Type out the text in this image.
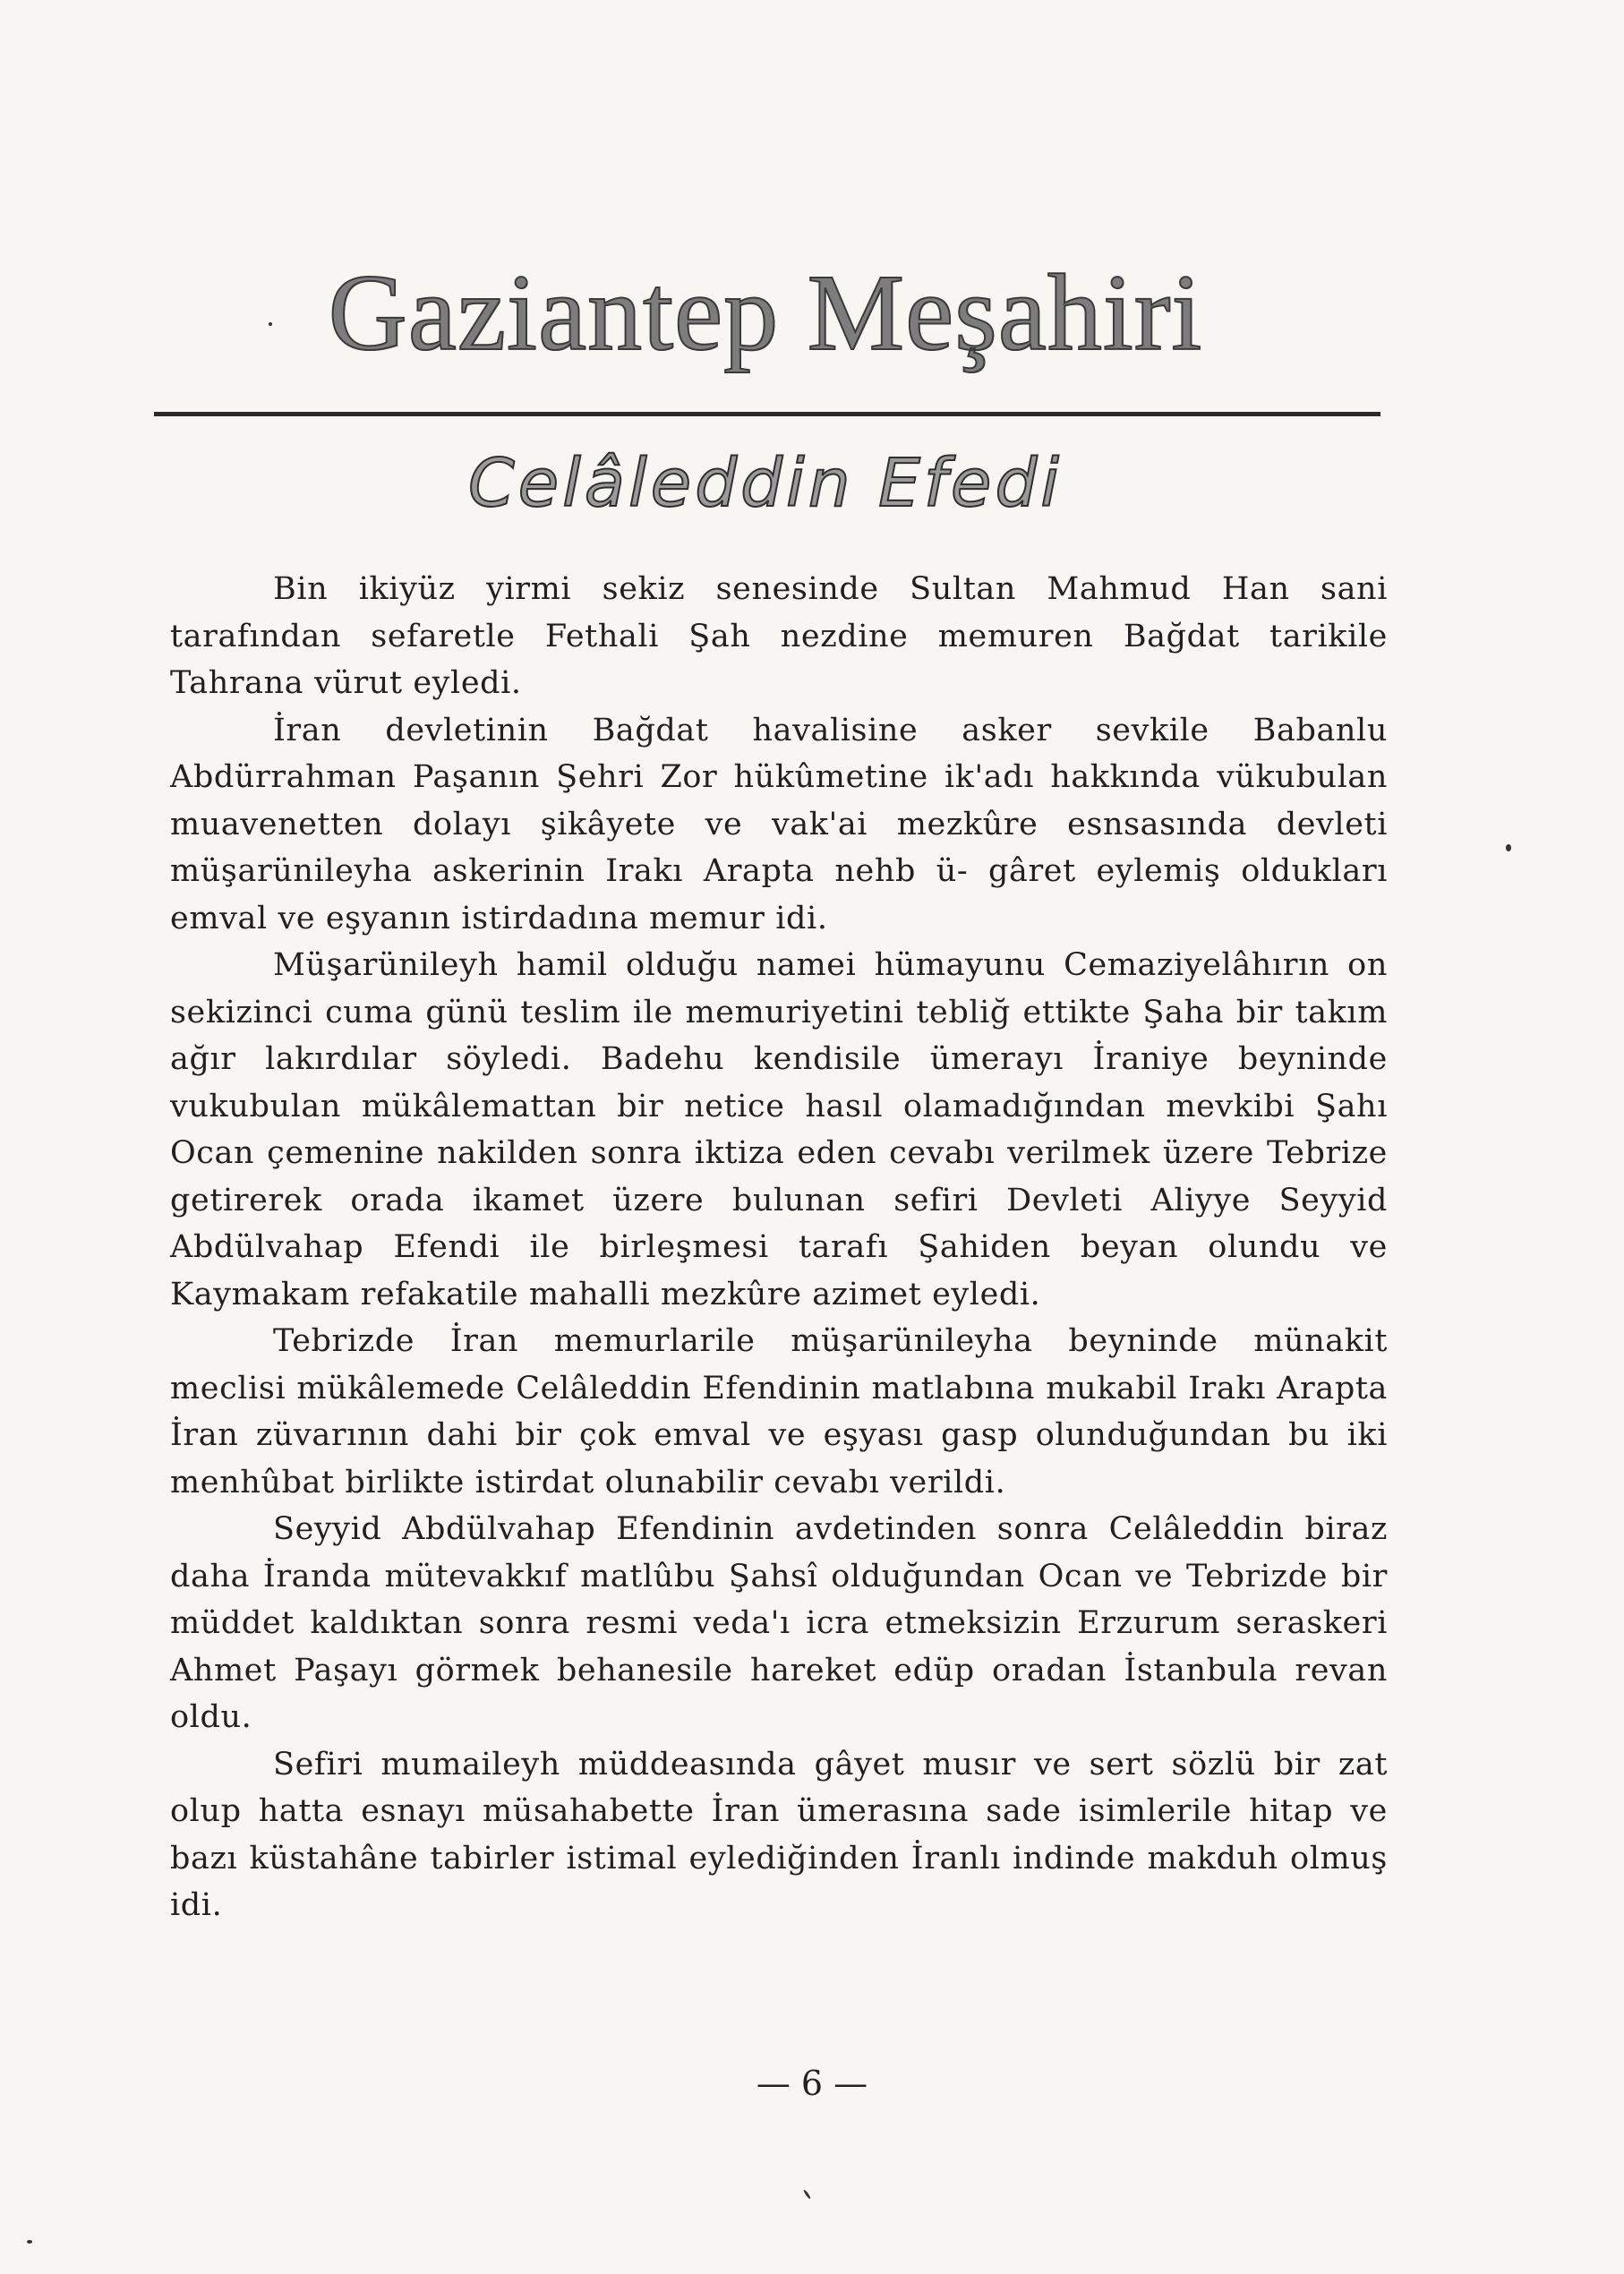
Gaziantep Meşahiri
Celâleddin Efedi

Bin ikiyüz yirmi sekiz senesinde Sultan Mahmud Han sani tarafından sefaretle Fethali Şah nezdine memuren Bağdat tarikile Tahrana vürut eyledi.

İran devletinin Bağdat havalisine asker sevkile Babanlu Abdürrahman Paşanın Şehri Zor hükûmetine ik'adı hakkında vükubulan muavenetten dolayı şikâyete ve vak'ai mezkûre esnsasında devleti müşarünileyha askerinin Irakı Arapta nehb ü- gâret eylemiş oldukları emval ve eşyanın istirdadına memur idi.

Müşarünileyh hamil olduğu namei hümayunu Cemaziyelâhırın on sekizinci cuma günü teslim ile memuriyetini tebliğ ettikte Şaha bir takım ağır lakırdılar söyledi. Badehu kendisile ümerayı İraniye beyninde vukubulan mükâlemattan bir netice hasıl olamadığından mevkibi Şahı Ocan çemenine nakilden sonra iktiza eden cevabı verilmek üzere Tebrize getirerek orada ikamet üzere bulunan sefiri Devleti Aliyye Seyyid Abdülvahap Efendi ile birleşmesi tarafı Şahiden beyan olundu ve Kaymakam refakatile mahalli mezkûre azimet eyledi.

Tebrizde İran memurlarile müşarünileyha beyninde münakit meclisi mükâlemede Celâleddin Efendinin matlabına mukabil Irakı Arapta İran züvarının dahi bir çok emval ve eşyası gasp olunduğundan bu iki menhûbat birlikte istirdat olunabilir cevabı verildi.

Seyyid Abdülvahap Efendinin avdetinden sonra Celâleddin biraz daha İranda mütevakkıf matlûbu Şahsî olduğundan Ocan ve Tebrizde bir müddet kaldıktan sonra resmi veda'ı icra etmeksizin Erzurum seraskeri Ahmet Paşayı görmek behanesile hareket edüp oradan İstanbula revan oldu.

Sefiri mumaileyh müddeasında gâyet musır ve sert sözlü bir zat olup hatta esnayı müsahabette İran ümerasına sade isimlerile hitap ve bazı küstahâne tabirler istimal eylediğinden İranlı indinde makduh olmuş idi.

— 6 —
